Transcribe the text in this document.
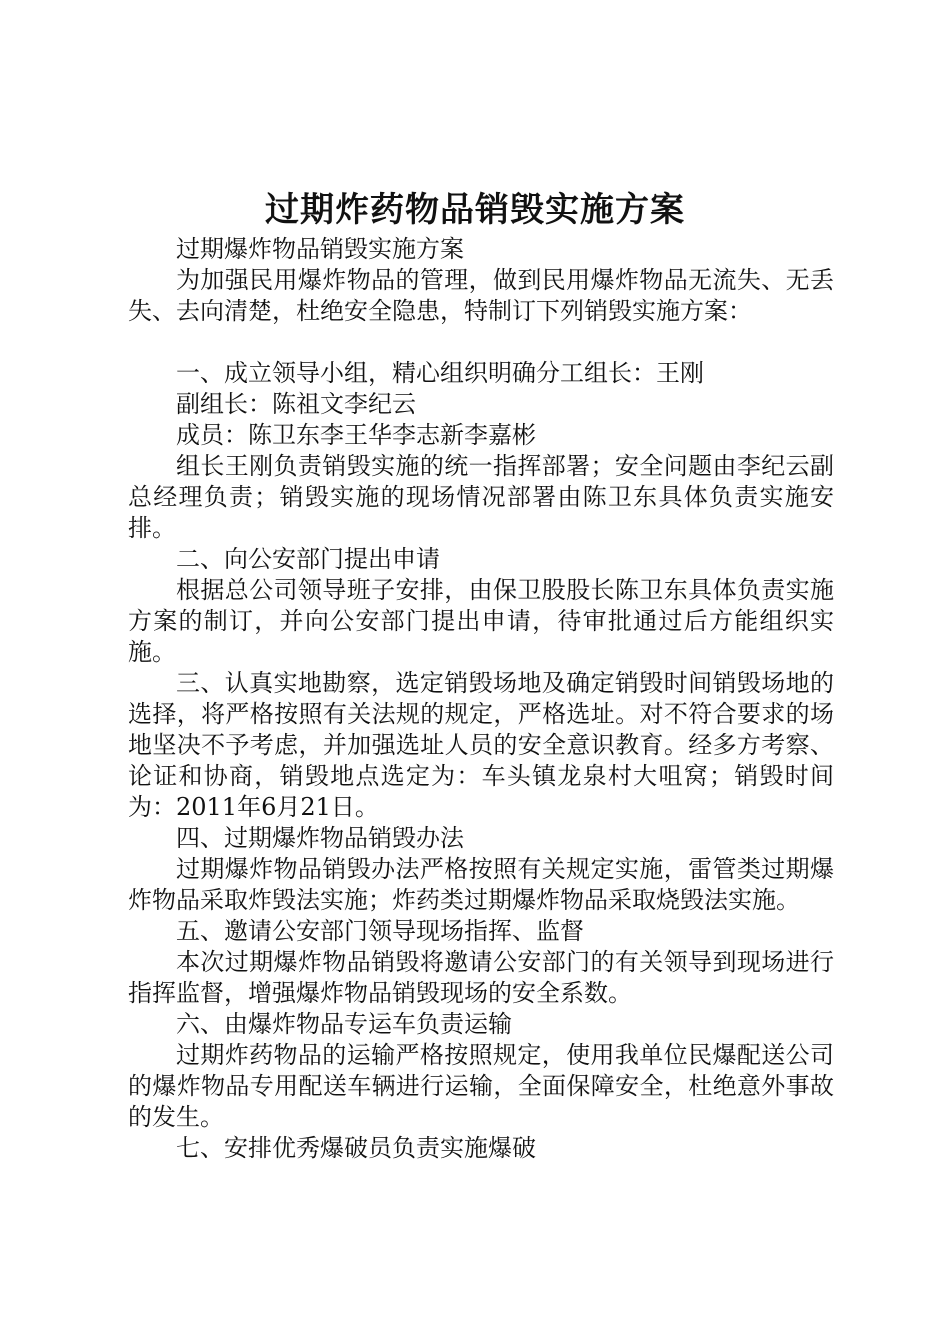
过期炸药物品销毁实施方案

过期爆炸物品销毁实施方案

为加强民用爆炸物品的管理，做到民用爆炸物品无流失、无丢失、去向清楚，杜绝安全隐患，特制订下列销毁实施方案：

一、成立领导小组，精心组织明确分工组长：王刚

副组长：陈祖文李纪云

成员：陈卫东李王华李志新李嘉彬

组长王刚负责销毁实施的统一指挥部署；安全问题由李纪云副总经理负责；销毁实施的现场情况部署由陈卫东具体负责实施安排。

二、向公安部门提出申请

根据总公司领导班子安排，由保卫股股长陈卫东具体负责实施方案的制订，并向公安部门提出申请，待审批通过后方能组织实施。

三、认真实地勘察，选定销毁场地及确定销毁时间销毁场地的选择，将严格按照有关法规的规定，严格选址。对不符合要求的场地坚决不予考虑，并加强选址人员的安全意识教育。经多方考察、论证和协商，销毁地点选定为：车头镇龙泉村大咀窝；销毁时间为：2011年6月21日。

四、过期爆炸物品销毁办法

过期爆炸物品销毁办法严格按照有关规定实施，雷管类过期爆炸物品采取炸毁法实施；炸药类过期爆炸物品采取烧毁法实施。

五、邀请公安部门领导现场指挥、监督

本次过期爆炸物品销毁将邀请公安部门的有关领导到现场进行指挥监督，增强爆炸物品销毁现场的安全系数。

六、由爆炸物品专运车负责运输

过期炸药物品的运输严格按照规定，使用我单位民爆配送公司的爆炸物品专用配送车辆进行运输，全面保障安全，杜绝意外事故的发生。

七、安排优秀爆破员负责实施爆破
